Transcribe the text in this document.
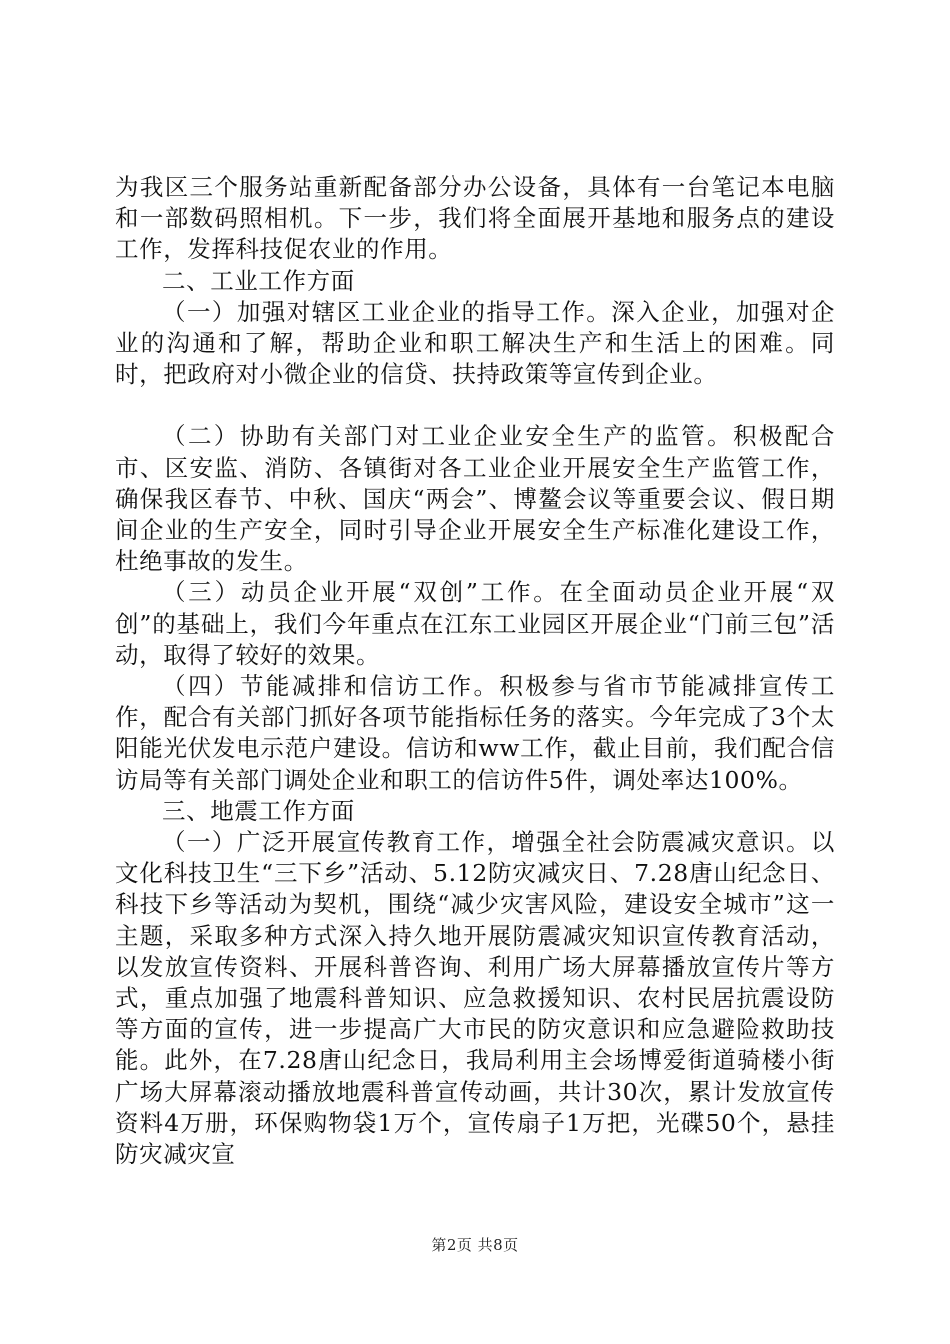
为我区三个服务站重新配备部分办公设备，具体有一台笔记本电脑和一部数码照相机。下一步，我们将全面展开基地和服务点的建设工作，发挥科技促农业的作用。

二、工业工作方面

（一）加强对辖区工业企业的指导工作。深入企业，加强对企业的沟通和了解，帮助企业和职工解决生产和生活上的困难。同时，把政府对小微企业的信贷、扶持政策等宣传到企业。

（二）协助有关部门对工业企业安全生产的监管。积极配合市、区安监、消防、各镇街对各工业企业开展安全生产监管工作，确保我区春节、中秋、国庆“两会”、博鳌会议等重要会议、假日期间企业的生产安全，同时引导企业开展安全生产标准化建设工作，杜绝事故的发生。

（三）动员企业开展“双创”工作。在全面动员企业开展“双创”的基础上，我们今年重点在江东工业园区开展企业“门前三包”活动，取得了较好的效果。

（四）节能减排和信访工作。积极参与省市节能减排宣传工作，配合有关部门抓好各项节能指标任务的落实。今年完成了3个太阳能光伏发电示范户建设。信访和ww工作，截止目前，我们配合信访局等有关部门调处企业和职工的信访件5件，调处率达100%。

三、地震工作方面

（一）广泛开展宣传教育工作，增强全社会防震减灾意识。以文化科技卫生“三下乡”活动、5.12防灾减灾日、7.28唐山纪念日、科技下乡等活动为契机，围绕“减少灾害风险，建设安全城市”这一主题，采取多种方式深入持久地开展防震减灾知识宣传教育活动，以发放宣传资料、开展科普咨询、利用广场大屏幕播放宣传片等方式，重点加强了地震科普知识、应急救援知识、农村民居抗震设防等方面的宣传，进一步提高广大市民的防灾意识和应急避险救助技能。此外，在7.28唐山纪念日，我局利用主会场博爱街道骑楼小街广场大屏幕滚动播放地震科普宣传动画，共计30次，累计发放宣传资料4万册，环保购物袋1万个，宣传扇子1万把，光碟50个，悬挂防灾减灾宣

第2页 共8页
